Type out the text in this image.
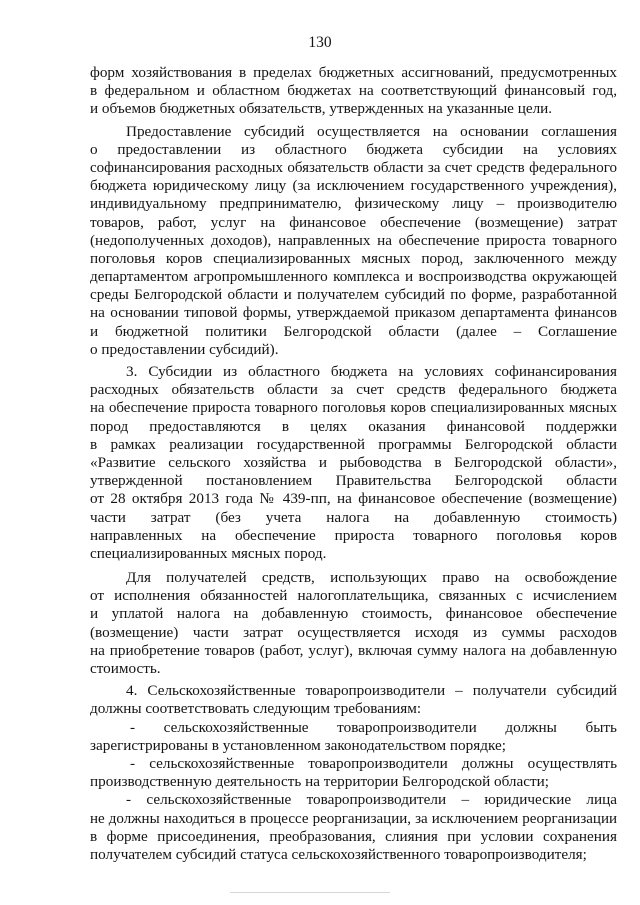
130
форм хозяйствования в пределах бюджетных ассигнований, предусмотренных
в федеральном и областном бюджетах на соответствующий финансовый год,
и объемов бюджетных обязательств, утвержденных на указанные цели.
Предоставление субсидий осуществляется на основании соглашения
о предоставлении из областного бюджета субсидии на условиях
софинансирования расходных обязательств области за счет средств федерального
бюджета юридическому лицу (за исключением государственного учреждения),
индивидуальному предпринимателю, физическому лицу – производителю
товаров, работ, услуг на финансовое обеспечение (возмещение) затрат
(недополученных доходов), направленных на обеспечение прироста товарного
поголовья коров специализированных мясных пород, заключенного между
департаментом агропромышленного комплекса и воспроизводства окружающей
среды Белгородской области и получателем субсидий по форме, разработанной
на основании типовой формы, утверждаемой приказом департамента финансов
и бюджетной политики Белгородской области (далее – Соглашение
о предоставлении субсидий).
3. Субсидии из областного бюджета на условиях софинансирования
расходных обязательств области за счет средств федерального бюджета
на обеспечение прироста товарного поголовья коров специализированных мясных
пород предоставляются в целях оказания финансовой поддержки
в рамках реализации государственной программы Белгородской области
«Развитие сельского хозяйства и рыбоводства в Белгородской области»,
утвержденной постановлением Правительства Белгородской области
от 28 октября 2013 года № 439-пп, на финансовое обеспечение (возмещение)
части затрат (без учета налога на добавленную стоимость)
направленных на обеспечение прироста товарного поголовья коров
специализированных мясных пород.
Для получателей средств, использующих право на освобождение
от исполнения обязанностей налогоплательщика, связанных с исчислением
и уплатой налога на добавленную стоимость, финансовое обеспечение
(возмещение) части затрат осуществляется исходя из суммы расходов
на приобретение товаров (работ, услуг), включая сумму налога на добавленную
стоимость.
4. Сельскохозяйственные товаропроизводители – получатели субсидий
должны соответствовать следующим требованиям:
- сельскохозяйственные товаропроизводители должны быть
зарегистрированы в установленном законодательством порядке;
- сельскохозяйственные товаропроизводители должны осуществлять
производственную деятельность на территории Белгородской области;
- сельскохозяйственные товаропроизводители – юридические лица
не должны находиться в процессе реорганизации, за исключением реорганизации
в форме присоединения, преобразования, слияния при условии сохранения
получателем субсидий статуса сельскохозяйственного товаропроизводителя;
